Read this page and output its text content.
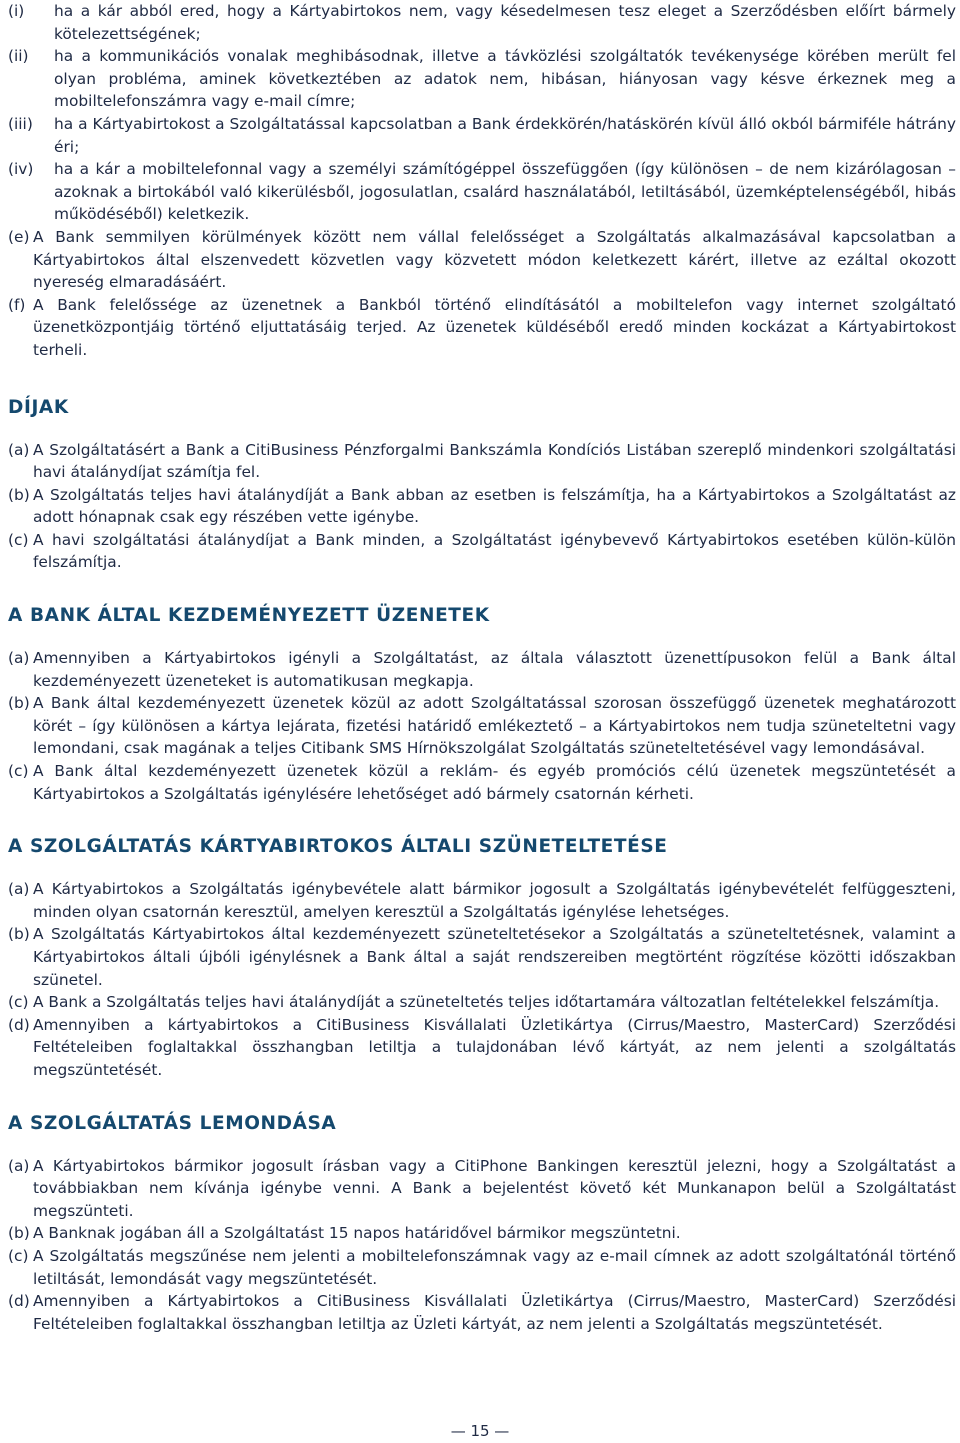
(i)	ha a kár abból ered, hogy a Kártyabirtokos nem, vagy késedelmesen tesz eleget a Szerződésben előírt bármely kötelezettségének;
(ii)	ha a kommunikációs vonalak meghibásodnak, illetve a távközlési szolgáltatók tevékenysége körében merült fel olyan probléma, aminek következtében az adatok nem, hibásan, hiányosan vagy késve érkeznek meg a mobiltelefonszámra vagy e-mail címre;
(iii)	ha a Kártyabirtokost a Szolgáltatással kapcsolatban a Bank érdekkörén/hatáskörén kívül álló okból bármiféle hátrány éri;
(iv)	ha a kár a mobiltelefonnal vagy a személyi számítógéppel összefüggően (így különösen – de nem kizárólagosan – azoknak a birtokából való kikerülésből, jogosulatlan, csalárd használatából, letiltásából, üzemképtelenségéből, hibás működéséből) keletkezik.
(e) A Bank semmilyen körülmények között nem vállal felelősséget a Szolgáltatás alkalmazásával kapcsolatban a Kártyabirtokos által elszenvedett közvetlen vagy közvetett módon keletkezett kárért, illetve az ezáltal okozott nyereség elmaradásáért.
(f) A Bank felelőssége az üzenetnek a Bankból történő elindításától a mobiltelefon vagy internet szolgáltató üzenetközpontjáig történő eljuttatásáig terjed. Az üzenetek küldéséből eredő minden kockázat a Kártyabirtokost terheli.
DÍJAK
(a) A Szolgáltatásért a Bank a CitiBusiness Pénzforgalmi Bankszámla Kondíciós Listában szereplő mindenkori szolgáltatási havi átalánydíjat számítja fel.
(b) A Szolgáltatás teljes havi átalánydíját a Bank abban az esetben is felszámítja, ha a Kártyabirtokos a Szolgáltatást az adott hónapnak csak egy részében vette igénybe.
(c) A havi szolgáltatási átalánydíjat a Bank minden, a Szolgáltatást igénybevevő Kártyabirtokos esetében külön-külön felszámítja.
A BANK ÁLTAL KEZDEMÉNYEZETT ÜZENETEK
(a) Amennyiben a Kártyabirtokos igényli a Szolgáltatást, az általa választott üzenettípusokon felül a Bank által kezdeményezett üzeneteket is automatikusan megkapja.
(b) A Bank által kezdeményezett üzenetek közül az adott Szolgáltatással szorosan összefüggő üzenetek meghatározott körét – így különösen a kártya lejárata, fizetési határidő emlékeztető – a Kártyabirtokos nem tudja szüneteltetni vagy lemondani, csak magának a teljes Citibank SMS Hírnökszolgálat Szolgáltatás szüneteltetésével vagy lemondásával.
(c) A Bank által kezdeményezett üzenetek közül a reklám- és egyéb promóciós célú üzenetek megszüntetését a Kártyabirtokos a Szolgáltatás igénylésére lehetőséget adó bármely csatornán kérheti.
A SZOLGÁLTATÁS KÁRTYABIRTOKOS ÁLTALI SZÜNETELTETÉSE
(a) A Kártyabirtokos a Szolgáltatás igénybevétele alatt bármikor jogosult a Szolgáltatás igénybevételét felfüggeszteni, minden olyan csatornán keresztül, amelyen keresztül a Szolgáltatás igénylése lehetséges.
(b) A Szolgáltatás Kártyabirtokos által kezdeményezett szüneteltetésekor a Szolgáltatás a szüneteltetésnek, valamint a Kártyabirtokos általi újbóli igénylésnek a Bank által a saját rendszereiben megtörtént rögzítése közötti időszakban szünetel.
(c) A Bank a Szolgáltatás teljes havi átalánydíját a szüneteltetés teljes időtartamára változatlan feltételekkel felszámítja.
(d) Amennyiben a kártyabirtokos a CitiBusiness Kisvállalati Üzletikártya (Cirrus/Maestro, MasterCard) Szerződési Feltételeiben foglaltakkal összhangban letiltja a tulajdonában lévő kártyát, az nem jelenti a szolgáltatás megszüntetését.
A SZOLGÁLTATÁS LEMONDÁSA
(a) A Kártyabirtokos bármikor jogosult írásban vagy a CitiPhone Bankingen keresztül jelezni, hogy a Szolgáltatást a továbbiakban nem kívánja igénybe venni. A Bank a bejelentést követő két Munkanapon belül a Szolgáltatást megszünteti.
(b) A Banknak jogában áll a Szolgáltatást 15 napos határidővel bármikor megszüntetni.
(c) A Szolgáltatás megszűnése nem jelenti a mobiltelefonszámnak vagy az e-mail címnek az adott szolgáltatónál történő letiltását, lemondását vagy megszüntetését.
(d) Amennyiben a Kártyabirtokos a CitiBusiness Kisvállalati Üzletikártya (Cirrus/Maestro, MasterCard) Szerződési Feltételeiben foglaltakkal összhangban letiltja az Üzleti kártyát, az nem jelenti a Szolgáltatás megszüntetését.
— 15 —
